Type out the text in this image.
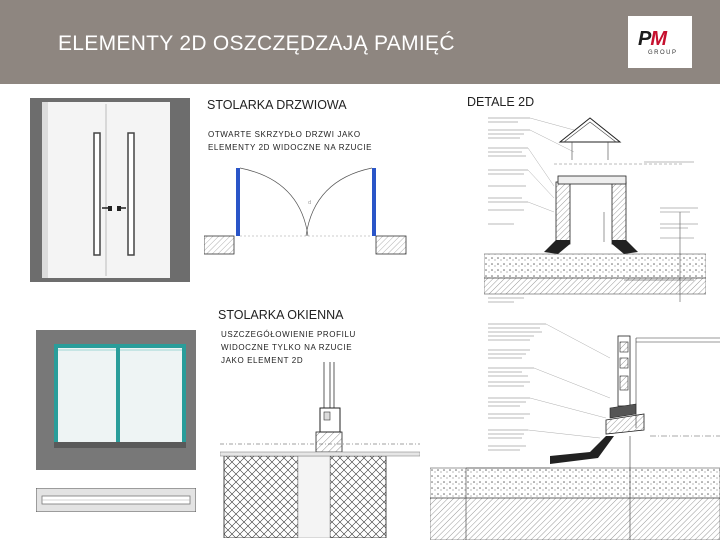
ELEMENTY 2D OSZCZĘDZAJĄ PAMIĘĆ	PM
GROUP
STOLARKA DRZWIOWA
OTWARTE SKRZYDŁO DRZWI JAKO
ELEMENTY 2D WIDOCZNE NA RZUCIE
d
STOLARKA OKIENNA
USZCZEGÓŁOWIENIE PROFILU
WIDOCZNE TYLKO NA RZUCIE
JAKO ELEMENT 2D
DETALE 2D
